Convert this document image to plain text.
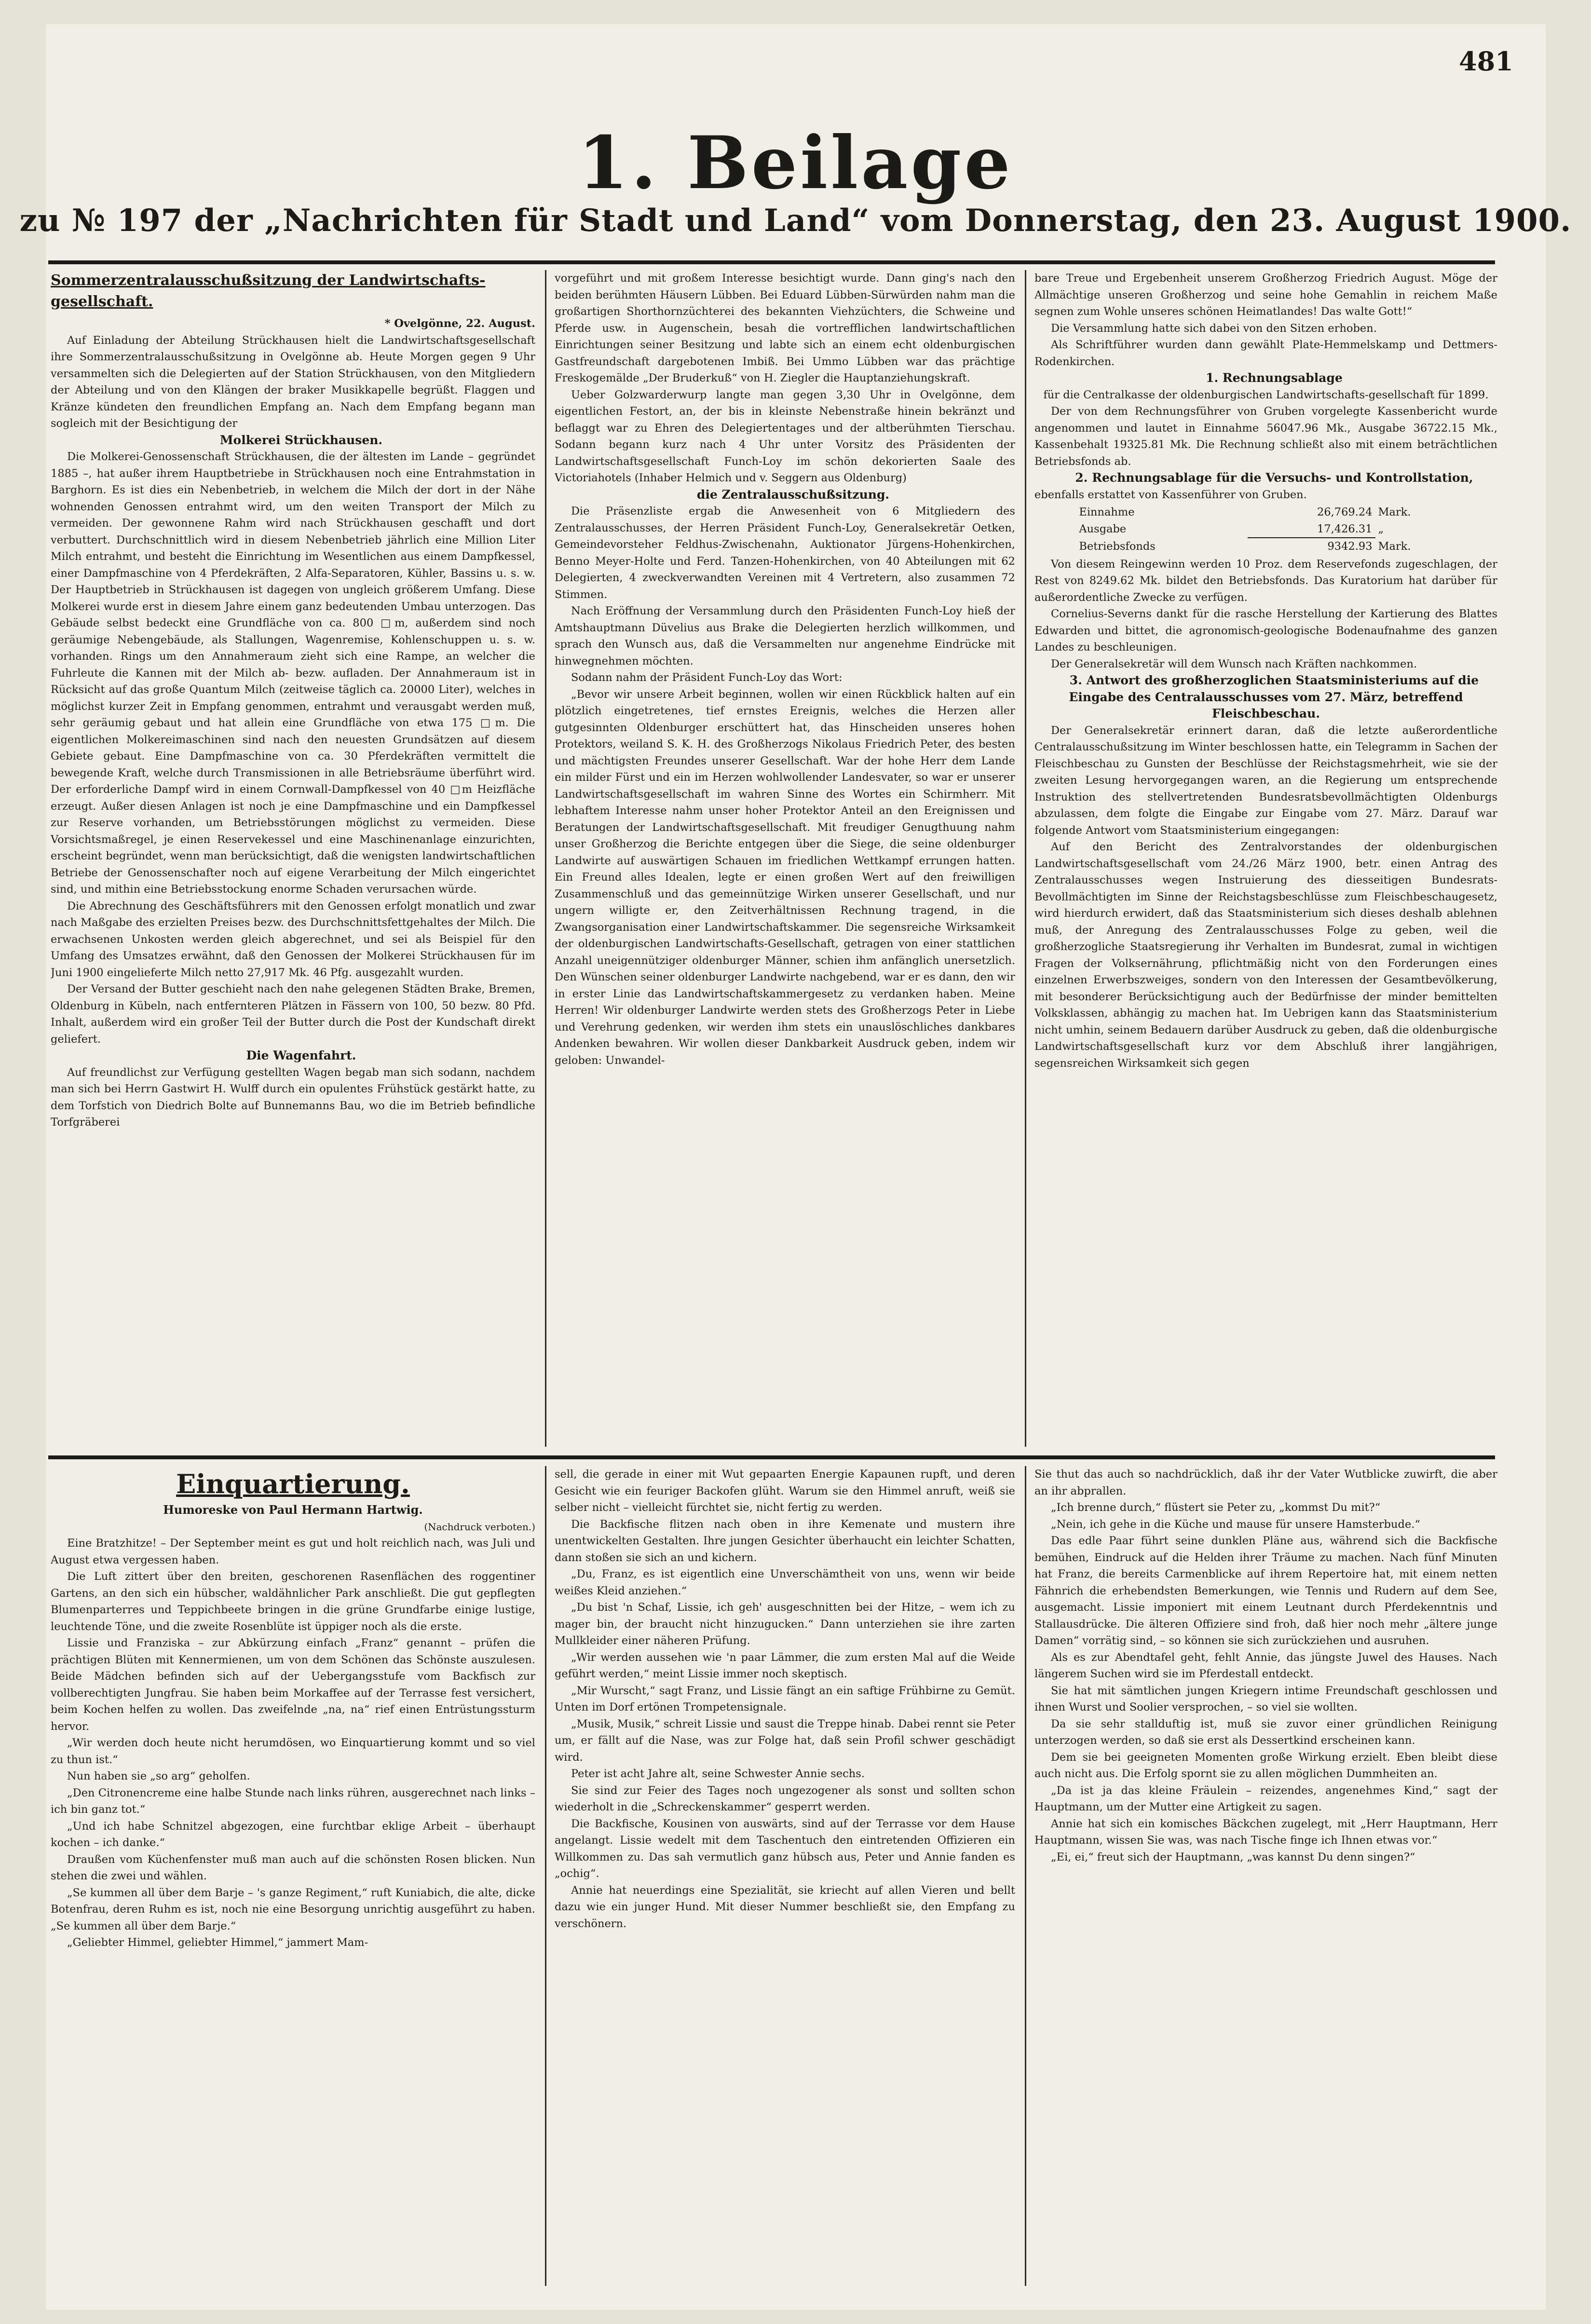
481
1. Beilage
zu № 197 der „Nachrichten für Stadt und Land“ vom Donnerstag, den 23. August 1900.
Sommerzentralausschußsitzung der Landwirtschafts-gesellschaft.

* Ovelgönne, 22. August.

Auf Einladung der Abteilung Strückhausen hielt die Landwirtschaftsgesellschaft ihre Sommerzentralausschußsitzung in Ovelgönne ab. Heute Morgen gegen 9 Uhr versammelten sich die Delegierten auf der Station Strückhausen, von den Mitgliedern der Abteilung und von den Klängen der braker Musikkapelle begrüßt. Flaggen und Kränze kündeten den freundlichen Empfang an. Nach dem Empfang begann man sogleich mit der Besichtigung der

Molkerei Strückhausen.

Die Molkerei-Genossenschaft Strückhausen, die der ältesten im Lande – gegründet 1885 –, hat außer ihrem Hauptbetriebe in Strückhausen noch eine Entrahmstation in Barghorn. Es ist dies ein Nebenbetrieb, in welchem die Milch der dort in der Nähe wohnenden Genossen entrahmt wird, um den weiten Transport der Milch zu vermeiden. Der gewonnene Rahm wird nach Strückhausen geschafft und dort verbuttert. Durchschnittlich wird in diesem Nebenbetrieb jährlich eine Million Liter Milch entrahmt, und besteht die Einrichtung im Wesentlichen aus einem Dampfkessel, einer Dampfmaschine von 4 Pferdekräften, 2 Alfa-Separatoren, Kühler, Bassins u. s. w. Der Hauptbetrieb in Strückhausen ist dagegen von ungleich größerem Umfang. Diese Molkerei wurde erst in diesem Jahre einem ganz bedeutenden Umbau unterzogen. Das Gebäude selbst bedeckt eine Grundfläche von ca. 800 □m, außerdem sind noch geräumige Nebengebäude, als Stallungen, Wagenremise, Kohlenschuppen u. s. w. vorhanden. Rings um den Annahmeraum zieht sich eine Rampe, an welcher die Fuhrleute die Kannen mit der Milch ab- bezw. aufladen. Der Annahmeraum ist in Rücksicht auf das große Quantum Milch (zeitweise täglich ca. 20000 Liter), welches in möglichst kurzer Zeit in Empfang genommen, entrahmt und verausgabt werden muß, sehr geräumig gebaut und hat allein eine Grundfläche von etwa 175 □m. Die eigentlichen Molkereimaschinen sind nach den neuesten Grundsätzen auf diesem Gebiete gebaut. Eine Dampfmaschine von ca. 30 Pferdekräften vermittelt die bewegende Kraft, welche durch Transmissionen in alle Betriebsräume überführt wird. Der erforderliche Dampf wird in einem Cornwall-Dampfkessel von 40 □m Heizfläche erzeugt. Außer diesen Anlagen ist noch je eine Dampfmaschine und ein Dampfkessel zur Reserve vorhanden, um Betriebsstörungen möglichst zu vermeiden. Diese Vorsichtsmaßregel, je einen Reservekessel und eine Maschinenanlage einzurichten, erscheint begründet, wenn man berücksichtigt, daß die wenigsten landwirtschaftlichen Betriebe der Genossenschafter noch auf eigene Verarbeitung der Milch eingerichtet sind, und mithin eine Betriebsstockung enorme Schaden verursachen würde.

Die Abrechnung des Geschäftsführers mit den Genossen erfolgt monatlich und zwar nach Maßgabe des erzielten Preises bezw. des Durchschnittsfettgehaltes der Milch. Die erwachsenen Unkosten werden gleich abgerechnet, und sei als Beispiel für den Umfang des Umsatzes erwähnt, daß den Genossen der Molkerei Strückhausen für im Juni 1900 eingelieferte Milch netto 27,917 Mk. 46 Pfg. ausgezahlt wurden.

Der Versand der Butter geschieht nach den nahe gelegenen Städten Brake, Bremen, Oldenburg in Kübeln, nach entfernteren Plätzen in Fässern von 100, 50 bezw. 80 Pfd. Inhalt, außerdem wird ein großer Teil der Butter durch die Post der Kundschaft direkt geliefert.

Die Wagenfahrt.

Auf freundlichst zur Verfügung gestellten Wagen begab man sich sodann, nachdem man sich bei Herrn Gastwirt H. Wulff durch ein opulentes Frühstück gestärkt hatte, zu dem Torfstich von Diedrich Bolte auf Bunnemanns Bau, wo die im Betrieb befindliche Torfgräberei

vorgeführt und mit großem Interesse besichtigt wurde. Dann ging's nach den beiden berühmten Häusern Lübben. Bei Eduard Lübben-Sürwürden nahm man die großartigen Shorthornzüchterei des bekannten Viehzüchters, die Schweine und Pferde usw. in Augenschein, besah die vortrefflichen landwirtschaftlichen Einrichtungen seiner Besitzung und labte sich an einem echt oldenburgischen Gastfreundschaft dargebotenen Imbiß. Bei Ummo Lübben war das prächtige Freskogemälde „Der Bruderkuß“ von H. Ziegler die Hauptanziehungskraft.

Ueber Golzwarderwurp langte man gegen 3,30 Uhr in Ovelgönne, dem eigentlichen Festort, an, der bis in kleinste Nebenstraße hinein bekränzt und beflaggt war zu Ehren des Delegiertentages und der altberühmten Tierschau. Sodann begann kurz nach 4 Uhr unter Vorsitz des Präsidenten der Landwirtschaftsgesellschaft Funch-Loy im schön dekorierten Saale des Victoriahotels (Inhaber Helmich und v. Seggern aus Oldenburg)

die Zentralausschußsitzung.

Die Präsenzliste ergab die Anwesenheit von 6 Mitgliedern des Zentralausschusses, der Herren Präsident Funch-Loy, Generalsekretär Oetken, Gemeindevorsteher Feldhus-Zwischenahn, Auktionator Jürgens-Hohenkirchen, Benno Meyer-Holte und Ferd. Tanzen-Hohenkirchen, von 40 Abteilungen mit 62 Delegierten, 4 zweckverwandten Vereinen mit 4 Vertretern, also zusammen 72 Stimmen.

Nach Eröffnung der Versammlung durch den Präsidenten Funch-Loy hieß der Amtshauptmann Düvelius aus Brake die Delegierten herzlich willkommen, und sprach den Wunsch aus, daß die Versammelten nur angenehme Eindrücke mit hinwegnehmen möchten.

Sodann nahm der Präsident Funch-Loy das Wort:

„Bevor wir unsere Arbeit beginnen, wollen wir einen Rückblick halten auf ein plötzlich eingetretenes, tief ernstes Ereignis, welches die Herzen aller gutgesinnten Oldenburger erschüttert hat, das Hinscheiden unseres hohen Protektors, weiland S. K. H. des Großherzogs Nikolaus Friedrich Peter, des besten und mächtigsten Freundes unserer Gesellschaft. War der hohe Herr dem Lande ein milder Fürst und ein im Herzen wohlwollender Landesvater, so war er unserer Landwirtschaftsgesellschaft im wahren Sinne des Wortes ein Schirmherr. Mit lebhaftem Interesse nahm unser hoher Protektor Anteil an den Ereignissen und Beratungen der Landwirtschaftsgesellschaft. Mit freudiger Genugthuung nahm unser Großherzog die Berichte entgegen über die Siege, die seine oldenburger Landwirte auf auswärtigen Schauen im friedlichen Wettkampf errungen hatten. Ein Freund alles Idealen, legte er einen großen Wert auf den freiwilligen Zusammenschluß und das gemeinnützige Wirken unserer Gesellschaft, und nur ungern willigte er, den Zeitverhältnissen Rechnung tragend, in die Zwangsorganisation einer Landwirtschaftskammer. Die segensreiche Wirksamkeit der oldenburgischen Landwirtschafts-Gesellschaft, getragen von einer stattlichen Anzahl uneigennütziger oldenburger Männer, schien ihm anfänglich unersetzlich. Den Wünschen seiner oldenburger Landwirte nachgebend, war er es dann, den wir in erster Linie das Landwirtschaftskammergesetz zu verdanken haben. Meine Herren! Wir oldenburger Landwirte werden stets des Großherzogs Peter in Liebe und Verehrung gedenken, wir werden ihm stets ein unauslöschliches dankbares Andenken bewahren. Wir wollen dieser Dankbarkeit Ausdruck geben, indem wir geloben: Unwandel-

bare Treue und Ergebenheit unserem Großherzog Friedrich August. Möge der Allmächtige unseren Großherzog und seine hohe Gemahlin in reichem Maße segnen zum Wohle unseres schönen Heimatlandes! Das walte Gott!“

Die Versammlung hatte sich dabei von den Sitzen erhoben.

Als Schriftführer wurden dann gewählt Plate-Hemmelskamp und Dettmers-Rodenkirchen.

1. Rechnungsablage

für die Centralkasse der oldenburgischen Landwirtschafts-gesellschaft für 1899.

Der von dem Rechnungsführer von Gruben vorgelegte Kassenbericht wurde angenommen und lautet in Einnahme 56047.96 Mk., Ausgabe 36722.15 Mk., Kassenbehalt 19325.81 Mk. Die Rechnung schließt also mit einem beträchtlichen Betriebsfonds ab.

2. Rechnungsablage für die Versuchs- und Kontrollstation,

ebenfalls erstattet von Kassenführer von Gruben.

Einnahme	26,769.24	Mark.
Ausgabe	17,426.31	„
Betriebsfonds	9342.93	Mark.

Von diesem Reingewinn werden 10 Proz. dem Reservefonds zugeschlagen, der Rest von 8249.62 Mk. bildet den Betriebsfonds. Das Kuratorium hat darüber für außerordentliche Zwecke zu verfügen.

Cornelius-Severns dankt für die rasche Herstellung der Kartierung des Blattes Edwarden und bittet, die agronomisch-geologische Bodenaufnahme des ganzen Landes zu beschleunigen.

Der Generalsekretär will dem Wunsch nach Kräften nachkommen.

3. Antwort des großherzoglichen Staatsministeriums auf die Eingabe des Centralausschusses vom 27. März, betreffend Fleischbeschau.

Der Generalsekretär erinnert daran, daß die letzte außerordentliche Centralausschußsitzung im Winter beschlossen hatte, ein Telegramm in Sachen der Fleischbeschau zu Gunsten der Beschlüsse der Reichstagsmehrheit, wie sie der zweiten Lesung hervorgegangen waren, an die Regierung um entsprechende Instruktion des stellvertretenden Bundesratsbevollmächtigten Oldenburgs abzulassen, dem folgte die Eingabe zur Eingabe vom 27. März. Darauf war folgende Antwort vom Staatsministerium eingegangen:

Auf den Bericht des Zentralvorstandes der oldenburgischen Landwirtschaftsgesellschaft vom 24./26 März 1900, betr. einen Antrag des Zentralausschusses wegen Instruierung des diesseitigen Bundesrats-Bevollmächtigten im Sinne der Reichstagsbeschlüsse zum Fleischbeschaugesetz, wird hierdurch erwidert, daß das Staatsministerium sich dieses deshalb ablehnen muß, der Anregung des Zentralausschusses Folge zu geben, weil die großherzogliche Staatsregierung ihr Verhalten im Bundesrat, zumal in wichtigen Fragen der Volksernährung, pflichtmäßig nicht von den Forderungen eines einzelnen Erwerbszweiges, sondern von den Interessen der Gesamtbevölkerung, mit besonderer Berücksichtigung auch der Bedürfnisse der minder bemittelten Volksklassen, abhängig zu machen hat. Im Uebrigen kann das Staatsministerium nicht umhin, seinem Bedauern darüber Ausdruck zu geben, daß die oldenburgische Landwirtschaftsgesellschaft kurz vor dem Abschluß ihrer langjährigen, segensreichen Wirksamkeit sich gegen

Einquartierung.
Humoreske von Paul Hermann Hartwig.
(Nachdruck verboten.)

Eine Bratzhitze! – Der September meint es gut und holt reichlich nach, was Juli und August etwa vergessen haben.

Die Luft zittert über den breiten, geschorenen Rasenflächen des roggentiner Gartens, an den sich ein hübscher, waldähnlicher Park anschließt. Die gut gepflegten Blumenparterres und Teppichbeete bringen in die grüne Grundfarbe einige lustige, leuchtende Töne, und die zweite Rosenblüte ist üppiger noch als die erste.

Lissie und Franziska – zur Abkürzung einfach „Franz“ genannt – prüfen die prächtigen Blüten mit Kennermienen, um von dem Schönen das Schönste auszulesen. Beide Mädchen befinden sich auf der Uebergangsstufe vom Backfisch zur vollberechtigten Jungfrau. Sie haben beim Morkaffee auf der Terrasse fest versichert, beim Kochen helfen zu wollen. Das zweifelnde „na, na“ rief einen Entrüstungssturm hervor.

„Wir werden doch heute nicht herumdösen, wo Einquartierung kommt und so viel zu thun ist.“

Nun haben sie „so arg“ geholfen.

„Den Citronencreme eine halbe Stunde nach links rühren, ausgerechnet nach links – ich bin ganz tot.“

„Und ich habe Schnitzel abgezogen, eine furchtbar eklige Arbeit – überhaupt kochen – ich danke.“

Draußen vom Küchenfenster muß man auch auf die schönsten Rosen blicken. Nun stehen die zwei und wählen.

„Se kummen all über dem Barje – 's ganze Regiment,“ ruft Kuniabich, die alte, dicke Botenfrau, deren Ruhm es ist, noch nie eine Besorgung unrichtig ausgeführt zu haben. „Se kummen all über dem Barje.“

„Geliebter Himmel, geliebter Himmel,“ jammert Mam-

sell, die gerade in einer mit Wut gepaarten Energie Kapaunen rupft, und deren Gesicht wie ein feuriger Backofen glüht. Warum sie den Himmel anruft, weiß sie selber nicht – vielleicht fürchtet sie, nicht fertig zu werden.

Die Backfische flitzen nach oben in ihre Kemenate und mustern ihre unentwickelten Gestalten. Ihre jungen Gesichter überhaucht ein leichter Schatten, dann stoßen sie sich an und kichern.

„Du, Franz, es ist eigentlich eine Unverschämtheit von uns, wenn wir beide weißes Kleid anziehen.“

„Du bist 'n Schaf, Lissie, ich geh' ausgeschnitten bei der Hitze, – wem ich zu mager bin, der braucht nicht hinzugucken.“ Dann unterziehen sie ihre zarten Mullkleider einer näheren Prüfung.

„Wir werden aussehen wie 'n paar Lämmer, die zum ersten Mal auf die Weide geführt werden,“ meint Lissie immer noch skeptisch.

„Mir Wurscht,“ sagt Franz, und Lissie fängt an ein saftige Frühbirne zu Gemüt. Unten im Dorf ertönen Trompetensignale.

„Musik, Musik,“ schreit Lissie und saust die Treppe hinab. Dabei rennt sie Peter um, er fällt auf die Nase, was zur Folge hat, daß sein Profil schwer geschädigt wird.

Peter ist acht Jahre alt, seine Schwester Annie sechs.

Sie sind zur Feier des Tages noch ungezogener als sonst und sollten schon wiederholt in die „Schreckenskammer“ gesperrt werden.

Die Backfische, Kousinen von auswärts, sind auf der Terrasse vor dem Hause angelangt. Lissie wedelt mit dem Taschentuch den eintretenden Offizieren ein Willkommen zu. Das sah vermutlich ganz hübsch aus, Peter und Annie fanden es „ochig“.

Annie hat neuerdings eine Spezialität, sie kriecht auf allen Vieren und bellt dazu wie ein junger Hund. Mit dieser Nummer beschließt sie, den Empfang zu verschönern.

Sie thut das auch so nachdrücklich, daß ihr der Vater Wutblicke zuwirft, die aber an ihr abprallen.

„Ich brenne durch,“ flüstert sie Peter zu, „kommst Du mit?“

„Nein, ich gehe in die Küche und mause für unsere Hamsterbude.“

Das edle Paar führt seine dunklen Pläne aus, während sich die Backfische bemühen, Eindruck auf die Helden ihrer Träume zu machen. Nach fünf Minuten hat Franz, die bereits Carmenblicke auf ihrem Repertoire hat, mit einem netten Fähnrich die erhebendsten Bemerkungen, wie Tennis und Rudern auf dem See, ausgemacht. Lissie imponiert mit einem Leutnant durch Pferdekenntnis und Stallausdrücke. Die älteren Offiziere sind froh, daß hier noch mehr „ältere junge Damen“ vorrätig sind, – so können sie sich zurückziehen und ausruhen.

Als es zur Abendtafel geht, fehlt Annie, das jüngste Juwel des Hauses. Nach längerem Suchen wird sie im Pferdestall entdeckt.

Sie hat mit sämtlichen jungen Kriegern intime Freundschaft geschlossen und ihnen Wurst und Soolier versprochen, – so viel sie wollten.

Da sie sehr stallduftig ist, muß sie zuvor einer gründlichen Reinigung unterzogen werden, so daß sie erst als Dessertkind erscheinen kann.

Dem sie bei geeigneten Momenten große Wirkung erzielt. Eben bleibt diese auch nicht aus. Die Erfolg spornt sie zu allen möglichen Dummheiten an.

„Da ist ja das kleine Fräulein – reizendes, angenehmes Kind,“ sagt der Hauptmann, um der Mutter eine Artigkeit zu sagen.

Annie hat sich ein komisches Bäckchen zugelegt, mit „Herr Hauptmann, Herr Hauptmann, wissen Sie was, was nach Tische finge ich Ihnen etwas vor.“

„Ei, ei,“ freut sich der Hauptmann, „was kannst Du denn singen?“
